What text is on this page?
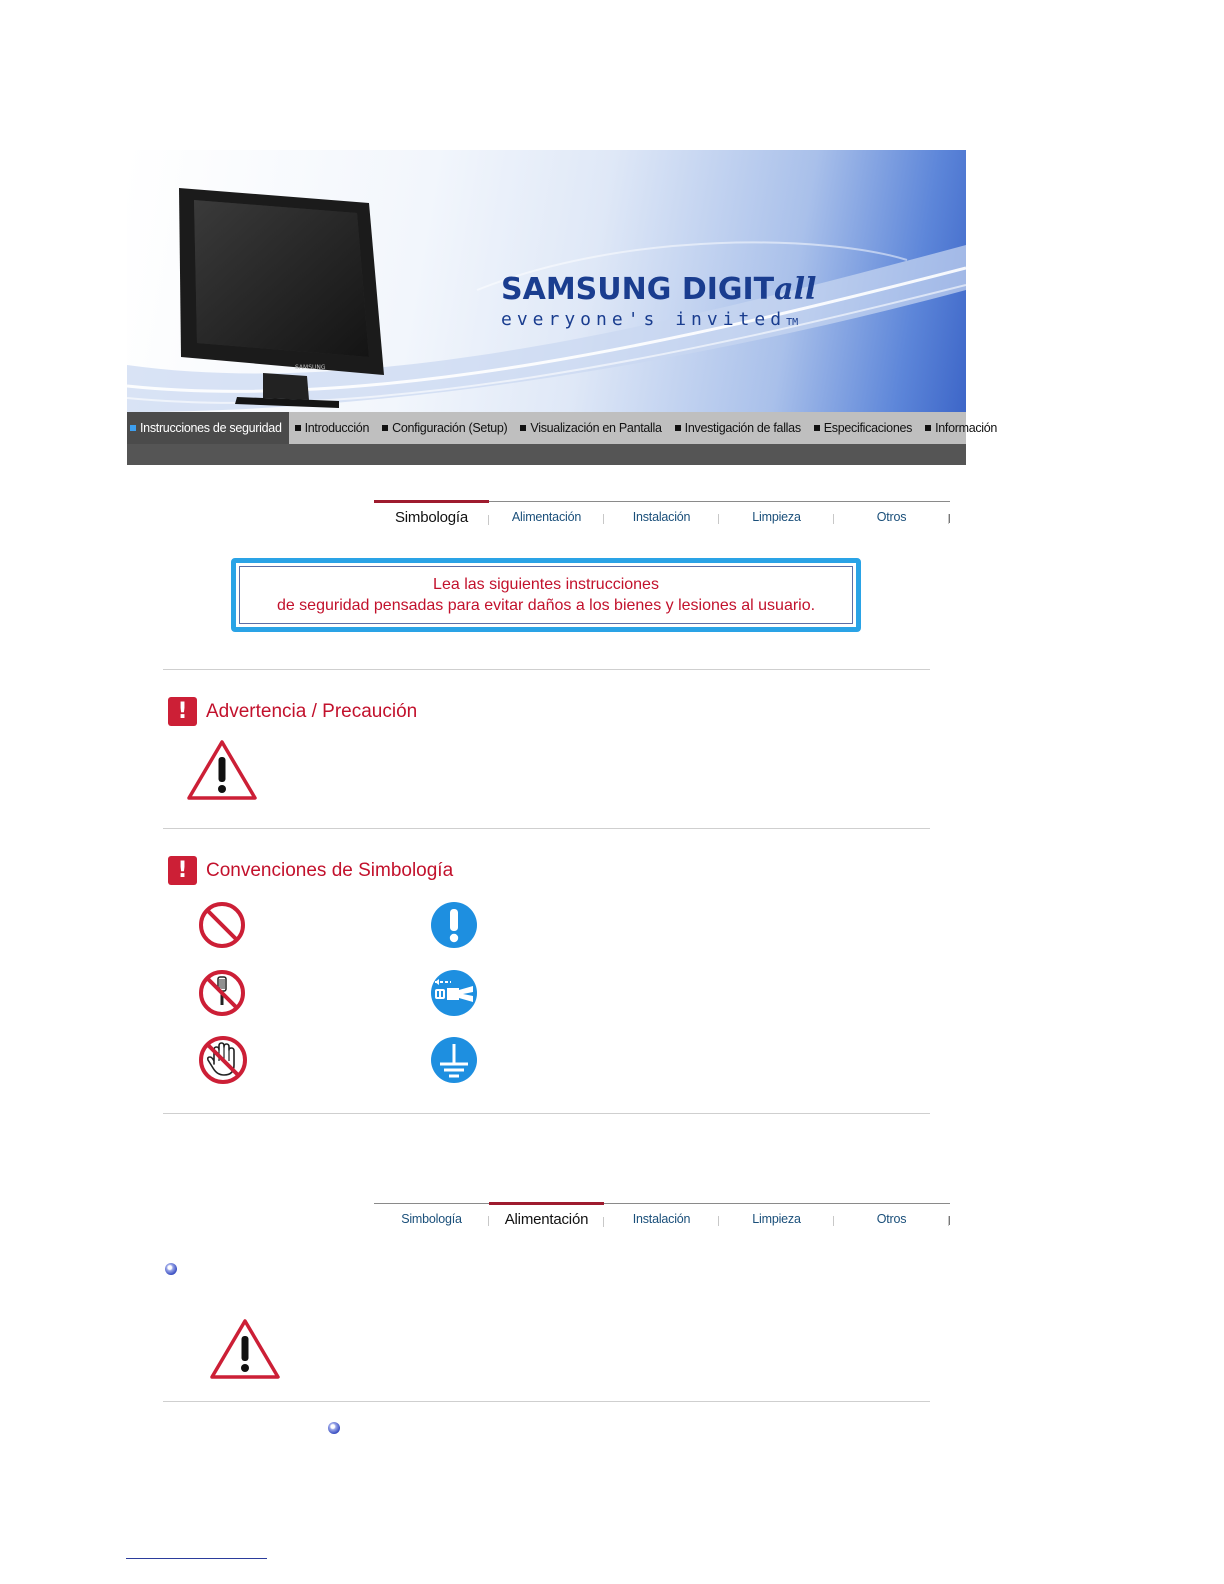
SAMSUNG
SAMSUNG DIGITall
everyone's invitedTM
Instrucciones de seguridad Introducción Configuración (Setup) Visualización en Pantalla Investigación de fallas Especificaciones Información
Simbología	Alimentación	Instalación	Limpieza	Otros
Lea las siguientes instrucciones
de seguridad pensadas para evitar daños a los bienes y lesiones al usuario.
! Advertencia / Precaución
! Convenciones de Simbología
Simbología	Alimentación	Instalación	Limpieza	Otros
